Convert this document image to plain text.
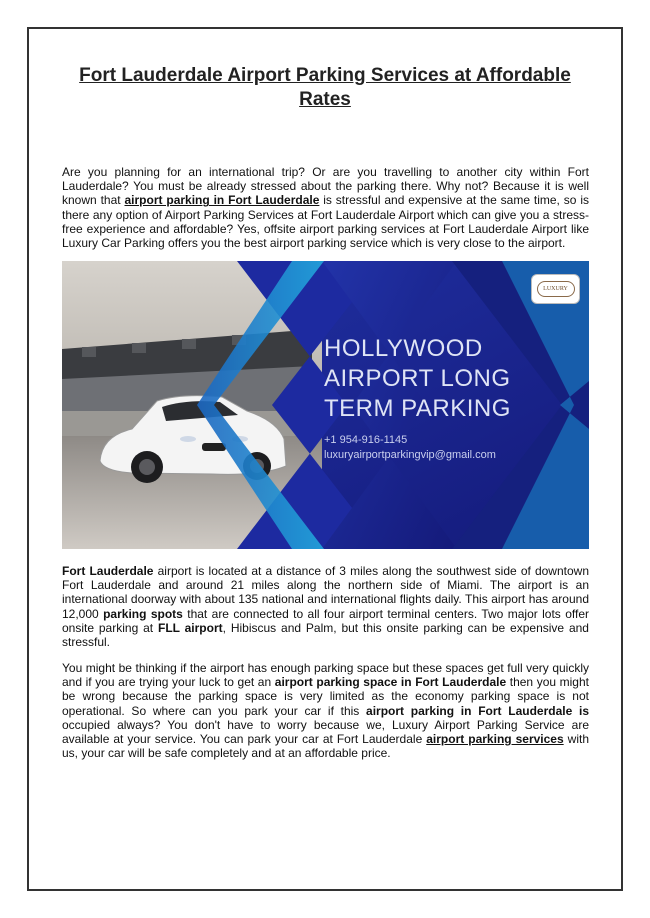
Fort Lauderdale Airport Parking Services at Affordable Rates

Are you planning for an international trip? Or are you travelling to another city within Fort Lauderdale? You must be already stressed about the parking there. Why not? Because it is well known that airport parking in Fort Lauderdale is stressful and expensive at the same time, so is there any option of Airport Parking Services at Fort Lauderdale Airport which can give you a stress-free experience and affordable? Yes, offsite airport parking services at Fort Lauderdale Airport like Luxury Car Parking offers you the best airport parking service which is very close to the airport.

LUXURY
HOLLYWOOD
AIRPORT LONG
TERM PARKING
+1 954-916-1145
luxuryairportparkingvip@gmail.com

Fort Lauderdale airport is located at a distance of 3 miles along the southwest side of downtown Fort Lauderdale and around 21 miles along the northern side of Miami. The airport is an international doorway with about 135 national and international flights daily. This airport has around 12,000 parking spots that are connected to all four airport terminal centers. Two major lots offer onsite parking at FLL airport, Hibiscus and Palm, but this onsite parking can be expensive and stressful.

You might be thinking if the airport has enough parking space but these spaces get full very quickly and if you are trying your luck to get an airport parking space in Fort Lauderdale then you might be wrong because the parking space is very limited as the economy parking space is not operational. So where can you park your car if this airport parking in Fort Lauderdale is occupied always? You don't have to worry because we, Luxury Airport Parking Service are available at your service. You can park your car at Fort Lauderdale airport parking services with us, your car will be safe completely and at an affordable price.
